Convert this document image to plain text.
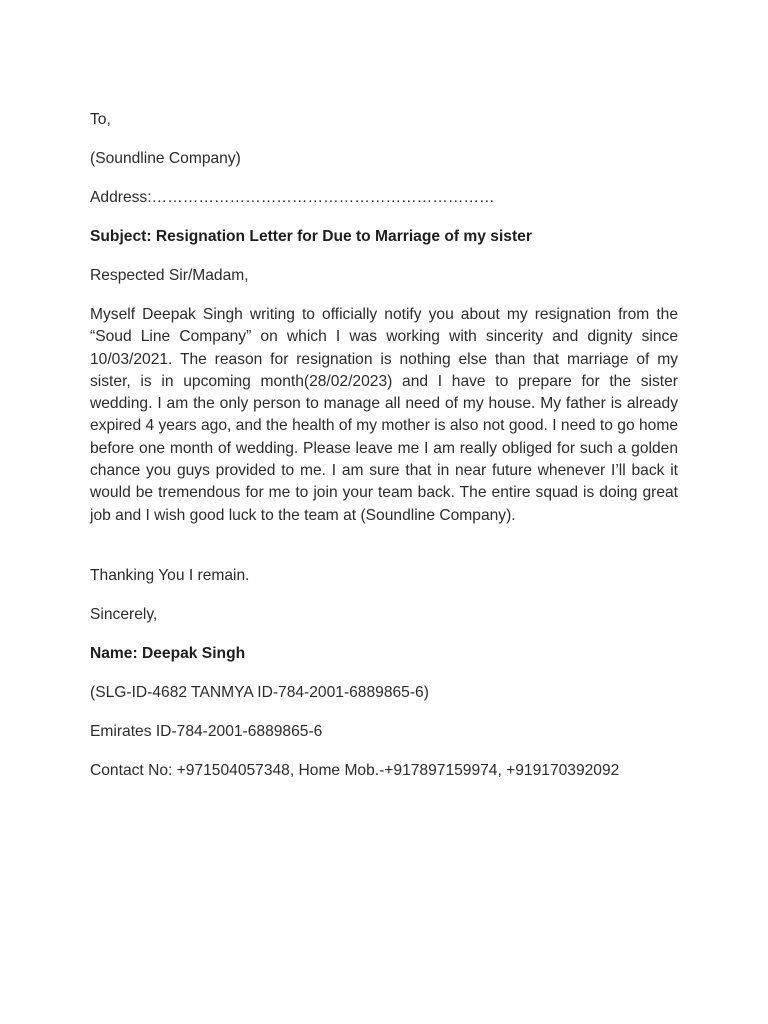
To,
(Soundline Company)
Address:…………………………………………………………
Subject: Resignation Letter for Due to Marriage of my sister
Respected Sir/Madam,
Myself Deepak Singh writing to officially notify you about my resignation from the “Soud Line Company” on which I was working with sincerity and dignity since 10/03/2021. The reason for resignation is nothing else than that marriage of my sister, is in upcoming month(28/02/2023) and I have to prepare for the sister wedding. I am the only person to manage all need of my house. My father is already expired 4 years ago, and the health of my mother is also not good. I need to go home before one month of wedding. Please leave me I am really obliged for such a golden chance you guys provided to me. I am sure that in near future whenever I’ll back it would be tremendous for me to join your team back. The entire squad is doing great job and I wish good luck to the team at (Soundline Company).
Thanking You I remain.
Sincerely,
Name: Deepak Singh
(SLG-ID-4682 TANMYA ID-784-2001-6889865-6)
Emirates ID-784-2001-6889865-6
Contact No: +971504057348, Home Mob.-+917897159974, +919170392092
